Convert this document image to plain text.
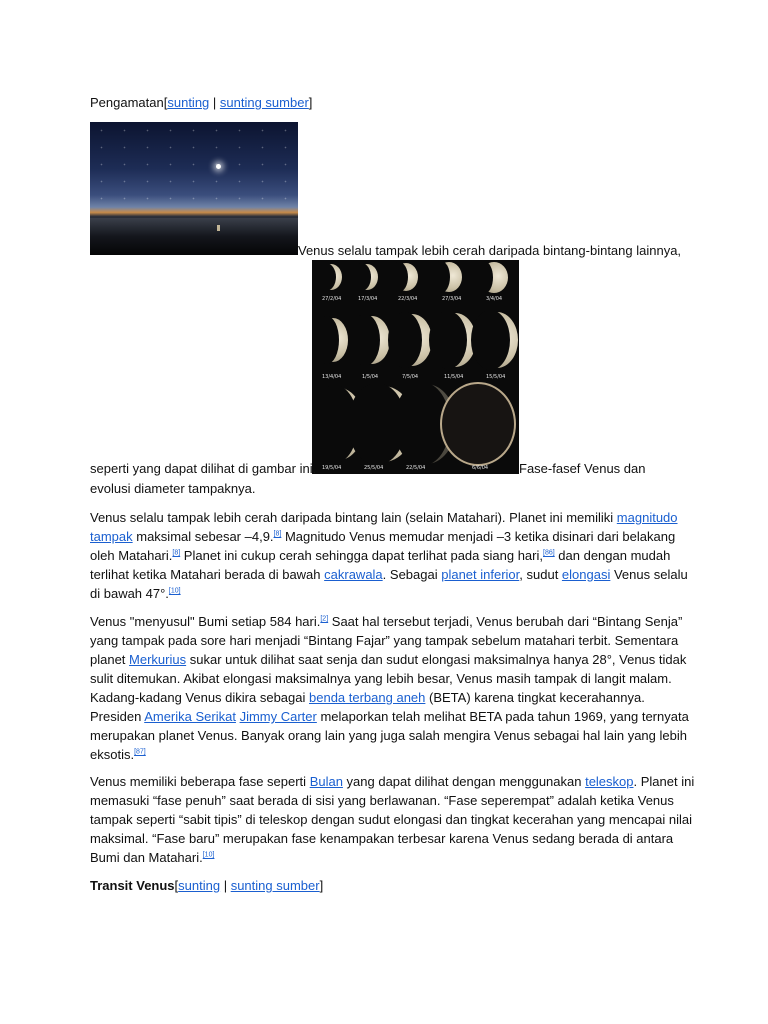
Pengamatan[sunting | sunting sumber]
Venus selalu tampak lebih cerah daripada bintang-bintang lainnya,
27/2/04	17/3/04	22/3/04	27/3/04	3/4/04
13/4/04	1/5/04	7/5/04	11/5/04	15/5/04
19/5/04	25/5/04	22/5/04	6/6/04
seperti yang dapat dilihat di gambar ini.	Fase-fasef Venus dan
evolusi diameter tampaknya.
Venus selalu tampak lebih cerah daripada bintang lain (selain Matahari). Planet ini memiliki magnitudo
tampak maksimal sebesar –4,9.[8] Magnitudo Venus memudar menjadi –3 ketika disinari dari belakang
oleh Matahari.[8] Planet ini cukup cerah sehingga dapat terlihat pada siang hari,[86] dan dengan mudah
terlihat ketika Matahari berada di bawah cakrawala. Sebagai planet inferior, sudut elongasi Venus selalu
di bawah 47°.[10]
Venus "menyusul" Bumi setiap 584 hari.[2] Saat hal tersebut terjadi, Venus berubah dari “Bintang Senja”
yang tampak pada sore hari menjadi “Bintang Fajar” yang tampak sebelum matahari terbit. Sementara
planet Merkurius sukar untuk dilihat saat senja dan sudut elongasi maksimalnya hanya 28°, Venus tidak
sulit ditemukan. Akibat elongasi maksimalnya yang lebih besar, Venus masih tampak di langit malam.
Kadang-kadang Venus dikira sebagai benda terbang aneh (BETA) karena tingkat kecerahannya.
Presiden Amerika Serikat Jimmy Carter melaporkan telah melihat BETA pada tahun 1969, yang ternyata
merupakan planet Venus. Banyak orang lain yang juga salah mengira Venus sebagai hal lain yang lebih
eksotis.[87]
Venus memiliki beberapa fase seperti Bulan yang dapat dilihat dengan menggunakan teleskop. Planet ini
memasuki “fase penuh” saat berada di sisi yang berlawanan. “Fase seperempat” adalah ketika Venus
tampak seperti “sabit tipis” di teleskop dengan sudut elongasi dan tingkat kecerahan yang mencapai nilai
maksimal. “Fase baru” merupakan fase kenampakan terbesar karena Venus sedang berada di antara
Bumi dan Matahari.[10]
Transit Venus[sunting | sunting sumber]
